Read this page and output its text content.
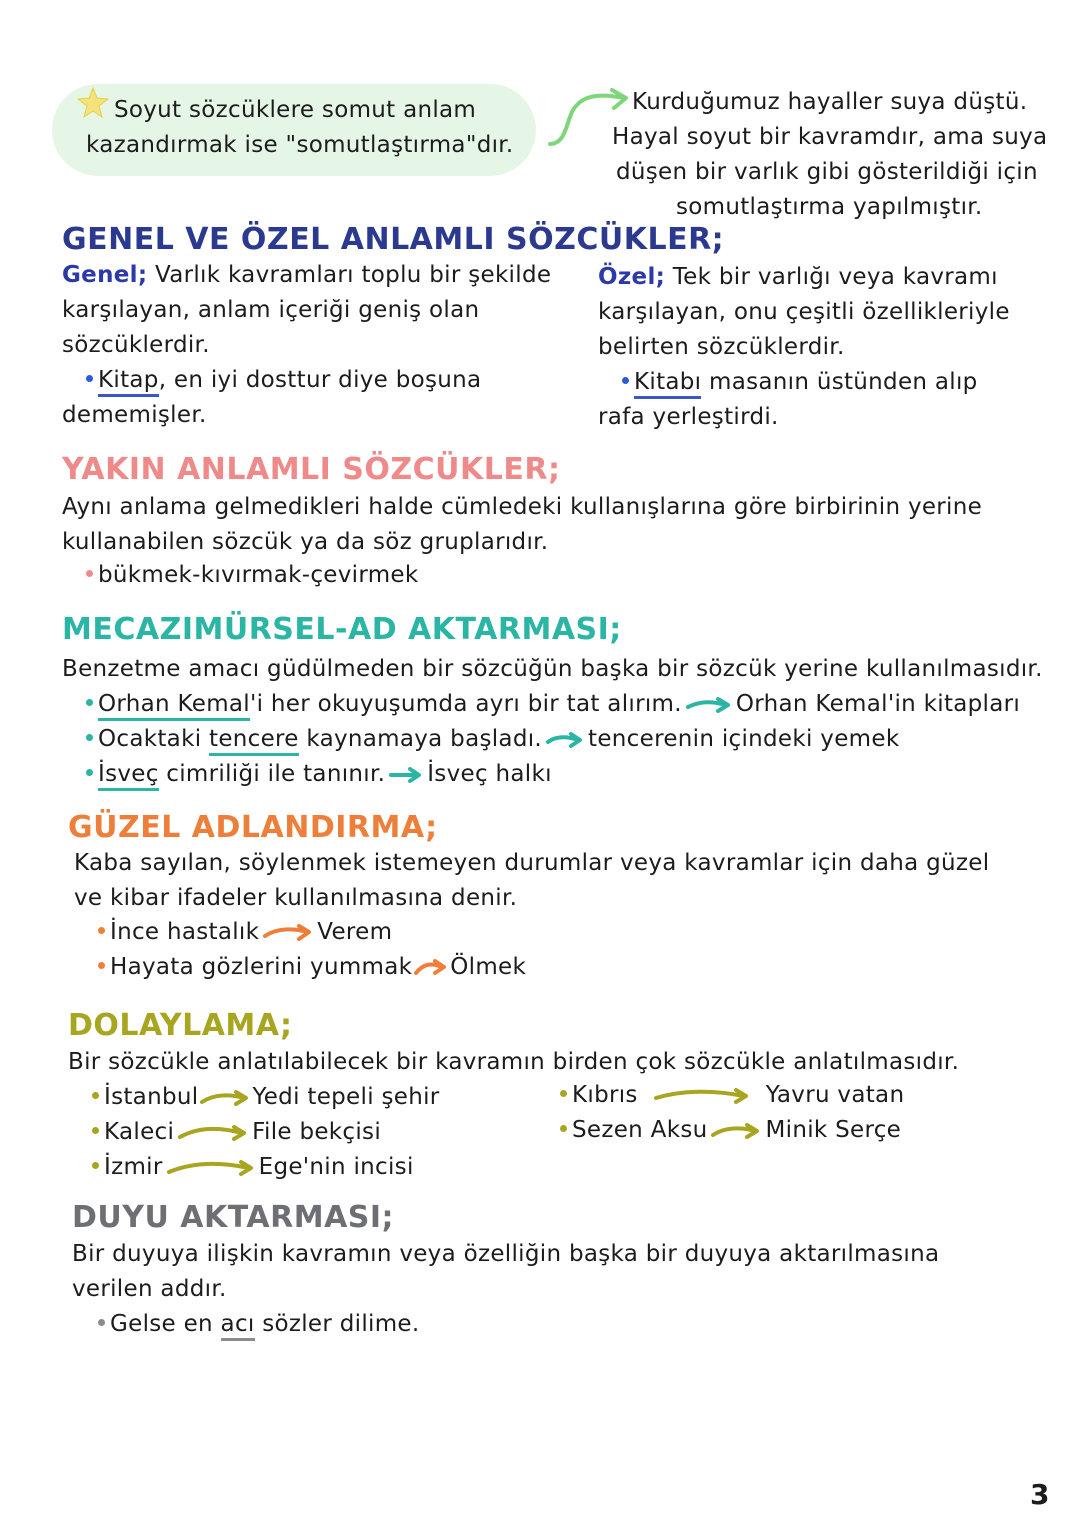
Soyut sözcüklere somut anlam
kazandırmak ise "somutlaştırma"dır.
Kurduğumuz hayaller suya düştü.
Hayal soyut bir kavramdır, ama suya
düşen bir varlık gibi gösterildiği için
somutlaştırma yapılmıştır.
GENEL VE ÖZEL ANLAMLI SÖZCÜKLER;
Genel; Varlık kavramları toplu bir şekilde
karşılayan, anlam içeriği geniş olan
sözcüklerdir.
Kitap, en iyi dosttur diye boşuna
dememişler.
Özel; Tek bir varlığı veya kavramı
karşılayan, onu çeşitli özellikleriyle
belirten sözcüklerdir.
Kitabı masanın üstünden alıp
rafa yerleştirdi.
YAKIN ANLAMLI SÖZCÜKLER;
Aynı anlama gelmedikleri halde cümledeki kullanışlarına göre birbirinin yerine
kullanabilen sözcük ya da söz gruplarıdır.
bükmek-kıvırmak-çevirmek
MECAZIMÜRSEL-AD AKTARMASI;
Benzetme amacı güdülmeden bir sözcüğün başka bir sözcük yerine kullanılmasıdır.
Orhan Kemal'i her okuyuşumda ayrı bir tat alırım. Orhan Kemal'in kitapları
Ocaktaki tencere kaynamaya başladı. tencerenin içindeki yemek
İsveç cimriliği ile tanınır. İsveç halkı
GÜZEL ADLANDIRMA;
Kaba sayılan, söylenmek istemeyen durumlar veya kavramlar için daha güzel
ve kibar ifadeler kullanılmasına denir.
İnce hastalık	Verem
Hayata gözlerini yummak Ölmek
DOLAYLAMA;
Bir sözcükle anlatılabilecek bir kavramın birden çok sözcükle anlatılmasıdır.
İstanbul Yedi tepeli şehir
Kaleci	File bekçisi
İzmir	Ege'nin incisi
Kıbrıs	Yavru vatan
Sezen Aksu	Minik Serçe
DUYU AKTARMASI;
Bir duyuya ilişkin kavramın veya özelliğin başka bir duyuya aktarılmasına
verilen addır.
Gelse en acı sözler dilime.
3
